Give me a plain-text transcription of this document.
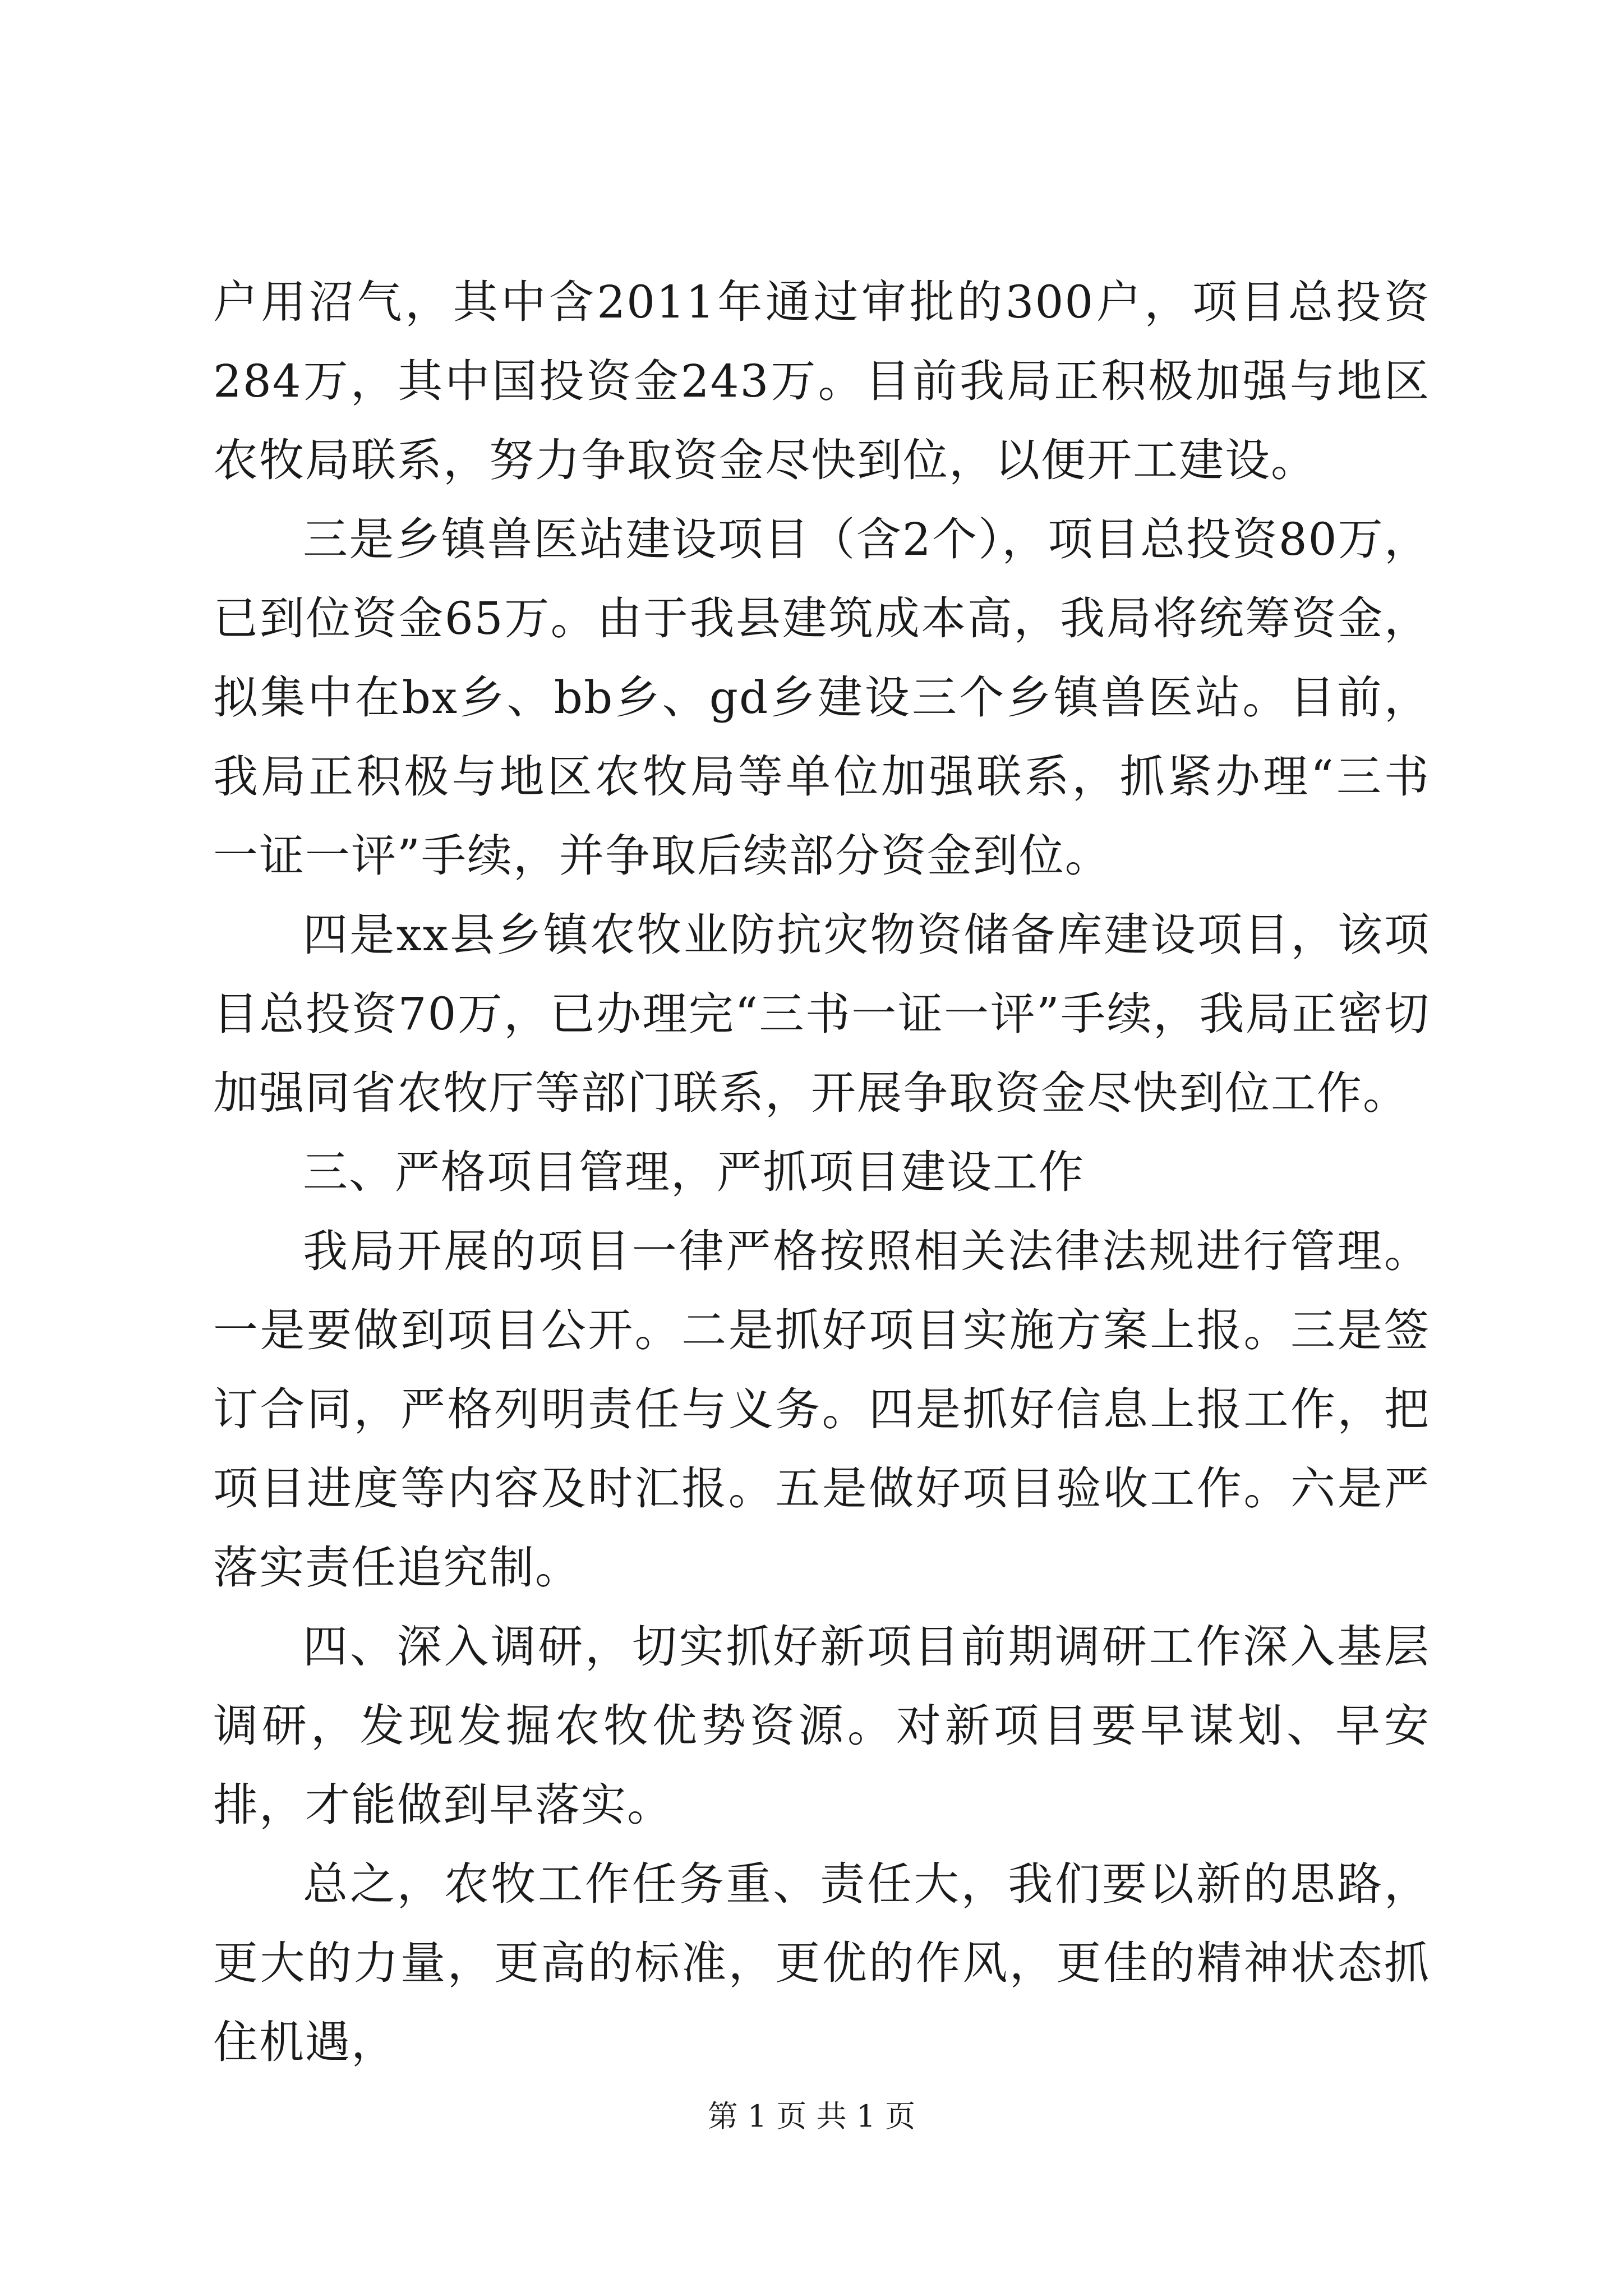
户用沼气，其中含2011年通过审批的300户，项目总投资284万，其中国投资金243万。目前我局正积极加强与地区农牧局联系，努力争取资金尽快到位，以便开工建设。

三是乡镇兽医站建设项目（含2个），项目总投资80万，已到位资金65万。由于我县建筑成本高，我局将统筹资金，拟集中在bx乡、bb乡、gd乡建设三个乡镇兽医站。目前，我局正积极与地区农牧局等单位加强联系，抓紧办理“三书一证一评”手续，并争取后续部分资金到位。

四是xx县乡镇农牧业防抗灾物资储备库建设项目，该项目总投资70万，已办理完“三书一证一评”手续，我局正密切加强同省农牧厅等部门联系，开展争取资金尽快到位工作。

三、严格项目管理，严抓项目建设工作

我局开展的项目一律严格按照相关法律法规进行管理。一是要做到项目公开。二是抓好项目实施方案上报。三是签订合同，严格列明责任与义务。四是抓好信息上报工作，把项目进度等内容及时汇报。五是做好项目验收工作。六是严落实责任追究制。

四、深入调研，切实抓好新项目前期调研工作深入基层调研，发现发掘农牧优势资源。对新项目要早谋划、早安排，才能做到早落实。

总之，农牧工作任务重、责任大，我们要以新的思路，更大的力量，更高的标准，更优的作风，更佳的精神状态抓住机遇，

第 1 页 共 1 页
